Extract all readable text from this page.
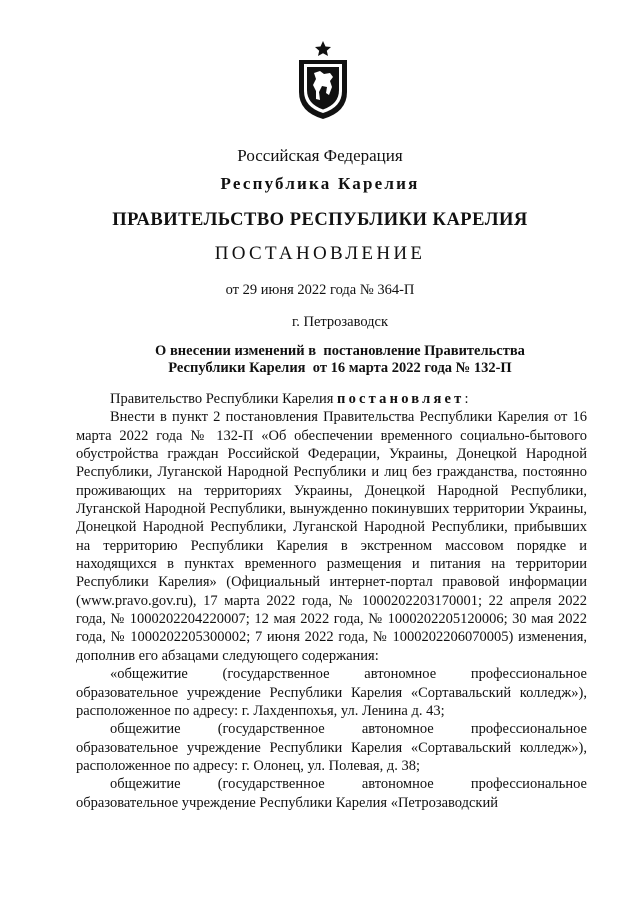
Российская Федерация
Республика Карелия
ПРАВИТЕЛЬСТВО РЕСПУБЛИКИ КАРЕЛИЯ
ПОСТАНОВЛЕНИЕ
от 29 июня 2022 года № 364-П
г. Петрозаводск
О внесении изменений в  постановление Правительства
Республики Карелия  от 16 марта 2022 года № 132-П

Правительство Республики Карелия постановляет:

Внести в пункт 2 постановления Правительства Республики Карелия от 16 марта 2022 года № 132-П «Об обеспечении временного социально-бытового обустройства граждан Российской Федерации, Украины, Донецкой Народной Республики, Луганской Народной Республики и лиц без гражданства, постоянно проживающих на территориях Украины, Донецкой Народной Республики, Луганской Народной Республики, вынужденно покинувших территории Украины, Донецкой Народной Республики, Луганской Народной Республики, прибывших на территорию Республики Карелия в экстренном массовом порядке и находящихся в пунктах временного размещения и питания на территории Республики Карелия» (Официальный интернет-портал правовой информации (www.pravo.gov.ru), 17 марта 2022 года, № 1000202203170001; 22 апреля 2022 года, № 1000202204220007; 12 мая 2022 года, № 1000202205120006; 30 мая 2022 года, № 1000202205300002; 7 июня 2022 года, № 1000202206070005) изменения, дополнив его абзацами следующего содержания:

«общежитие (государственное автономное профессиональное образовательное учреждение Республики Карелия «Сортавальский колледж»), расположенное по адресу: г. Лахденпохья, ул. Ленина д. 43;

общежитие (государственное автономное профессиональное образовательное учреждение Республики Карелия «Сортавальский колледж»), расположенное по адресу: г. Олонец, ул. Полевая, д. 38;

общежитие (государственное автономное профессиональное образовательное учреждение Республики Карелия «Петрозаводский
